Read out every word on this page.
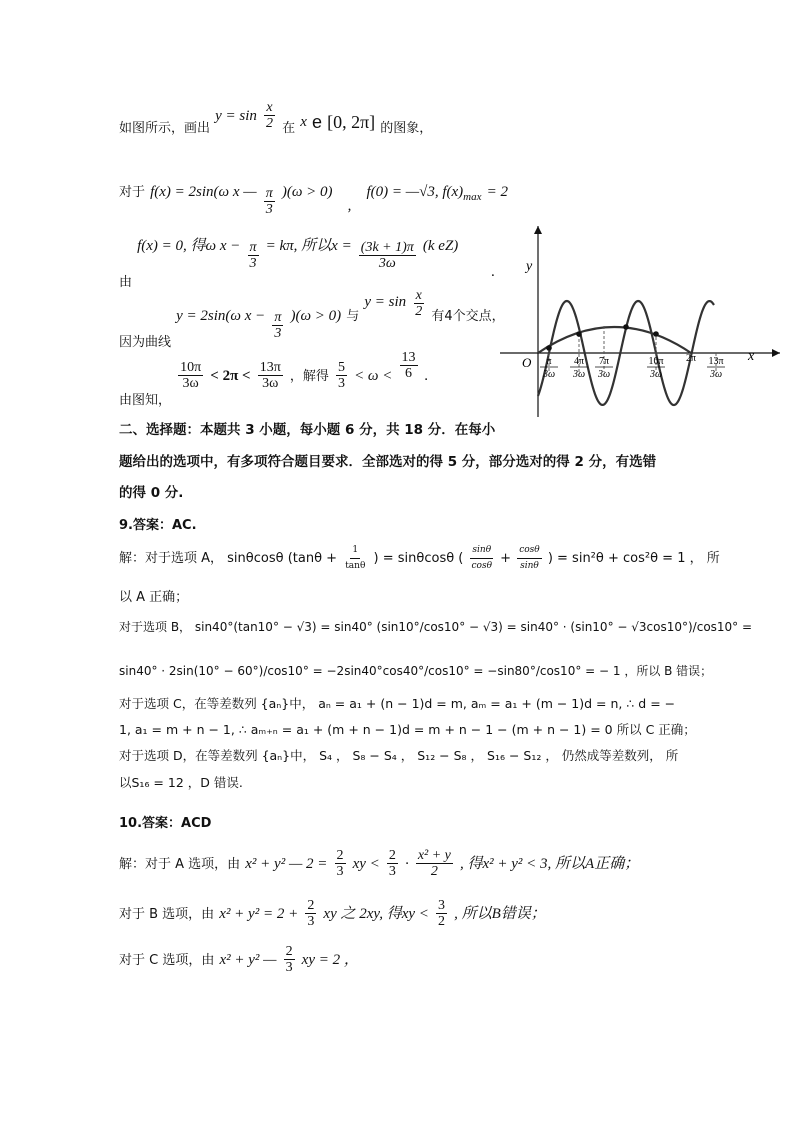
如图所示，画出 $y = \sin \frac{x}{2}$ 在 x e [0, 2π] 的图象，
对于 f(x) = 2sin(ω x — $\frac{\pi}{3} )(\omega > 0)$ , f(0) = —√3, $f(x)_{max} = 2$
$_由$ f(x) = 0, 得ω $x - \frac{\pi}{3} = k\pi$, 所以$x = \frac{(3k + 1)\pi}{3\omega} (k$ eZ) .
$_{因为曲线}$ y = 2sin(ω $x - \frac{\pi}{3} )(\omega > 0)$ 与 $y = \sin \frac{x}{2}$ 有4个交点，
$_{由图知,}$
$\frac{10\pi}{3\omega} < 2\pi < \frac{13\pi}{3\omega}$ ，解得 $\frac{5}{3} < \omega < \frac{13}{6}$ .
y
x
O π
3ω
4π
3ω
7π
3ω
10π
3ω
2π 13π
3ω
二、选择题：本题共 3 小题，每小题 6 分，共 18 分．在每小
题给出的选项中，有多项符合题目要求．全部选对的得 5 分，部分选对的得 2 分，有选错
的得 0 分.
9.答案：AC.
解：对于选项 A， sinθcosθ ($\tan\theta + \frac{1}{\tan\theta}$ ) = sinθcosθ ( $\frac{\sin\theta}{\cos\theta} + \frac{\cos\theta}{\sin\theta}$ ) = sin²θ + cos²θ = 1 ， 所
以 A 正确；
对于选项 B， sin40°(tan10° − √3) = sin40° (sin10°/cos10° − √3) = sin40° · (sin10° − √3cos10°)/cos10° =
sin40° · 2sin(10° − 60°)/cos10° = −2sin40°cos40°/cos10° = −sin80°/cos10° = − 1 ，所以 B 错误；
对于选项 C，在等差数列 {aₙ}中， aₙ = a₁ + (n − 1)d = m, aₘ = a₁ + (m − 1)d = n, ∴ d = −
1, a₁ = m + n − 1, ∴ aₘ₊ₙ = a₁ + (m + n − 1)d = m + n − 1 − (m + n − 1) = 0 所以 C 正确；
对于选项 D，在等差数列 {aₙ}中， S₄ ， S₈ − S₄ ， S₁₂ − S₈ ， S₁₆ − S₁₂ ， 仍然成等差数列， 所
以S₁₆ = 12 ，D 错误.
10.答案：ACD
解：对于 A 选项，由 x² + y² — $2 = \frac{2}{3}$ xy < $\frac{2}{3} \cdot \frac{\text{x² + y}}{2}$ , 得x² + y² < 3, 所以A正确；
对于 B 选项，由 $x^2 + y^2 = 2 + \frac{2}{3}$ xy 之 2xy, 得xy < $\frac{3}{2}$ , 所以B错误；
对于 C 选项，由 x² + y² — $\frac{2}{3}$ xy = 2 ，
